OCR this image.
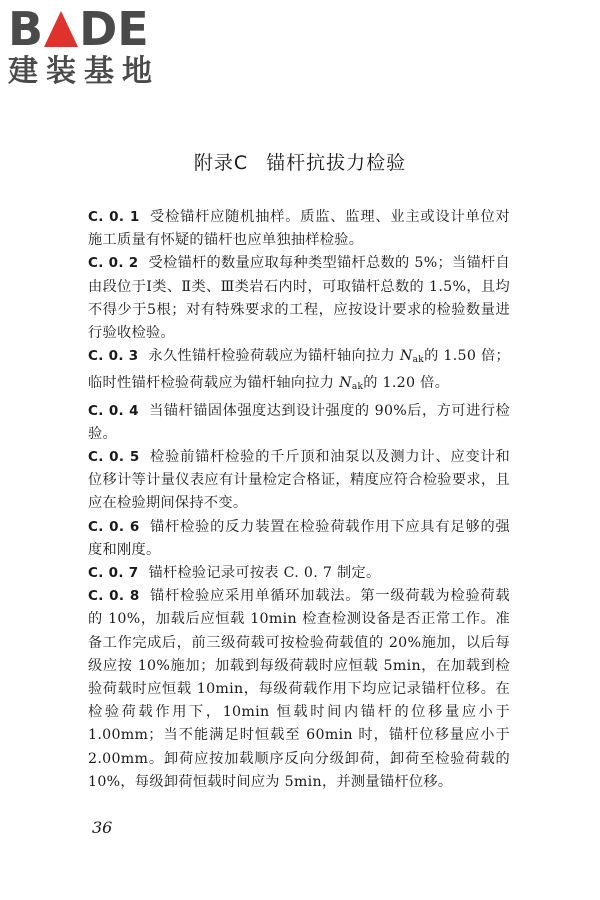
B DE
建装基地
附录C 锚杆抗拔力检验

C. 0. 1 受检锚杆应随机抽样。质监、监理、业主或设计单位对施工质量有怀疑的锚杆也应单独抽样检验。

C. 0. 2 受检锚杆的数量应取每种类型锚杆总数的 5%；当锚杆自由段位于Ⅰ类、Ⅱ类、Ⅲ类岩石内时，可取锚杆总数的 1.5%，且均不得少于5根；对有特殊要求的工程，应按设计要求的检验数量进行验收检验。

C. 0. 3 永久性锚杆检验荷载应为锚杆轴向拉力 $N_{ak}$的 1.50 倍；临时性锚杆检验荷载应为锚杆轴向拉力 $N_{ak}$的 1.20 倍。

C. 0. 4 当锚杆锚固体强度达到设计强度的 90%后，方可进行检验。

C. 0. 5 检验前锚杆检验的千斤顶和油泵以及测力计、应变计和位移计等计量仪表应有计量检定合格证，精度应符合检验要求，且应在检验期间保持不变。

C. 0. 6 锚杆检验的反力装置在检验荷载作用下应具有足够的强度和刚度。

C. 0. 7 锚杆检验记录可按表 C. 0. 7 制定。

C. 0. 8 锚杆检验应采用单循环加载法。第一级荷载为检验荷载的 10%，加载后应恒载 10min 检查检测设备是否正常工作。准备工作完成后，前三级荷载可按检验荷载值的 20%施加，以后每级应按 10%施加；加载到每级荷载时应恒载 5min，在加载到检验荷载时应恒载 10min，每级荷载作用下均应记录锚杆位移。在检验荷载作用下，10min 恒载时间内锚杆的位移量应小于 1.00mm；当不能满足时恒载至 60min 时，锚杆位移量应小于 2.00mm。卸荷应按加载顺序反向分级卸荷，卸荷至检验荷载的 10%，每级卸荷恒载时间应为 5min，并测量锚杆位移。

36
